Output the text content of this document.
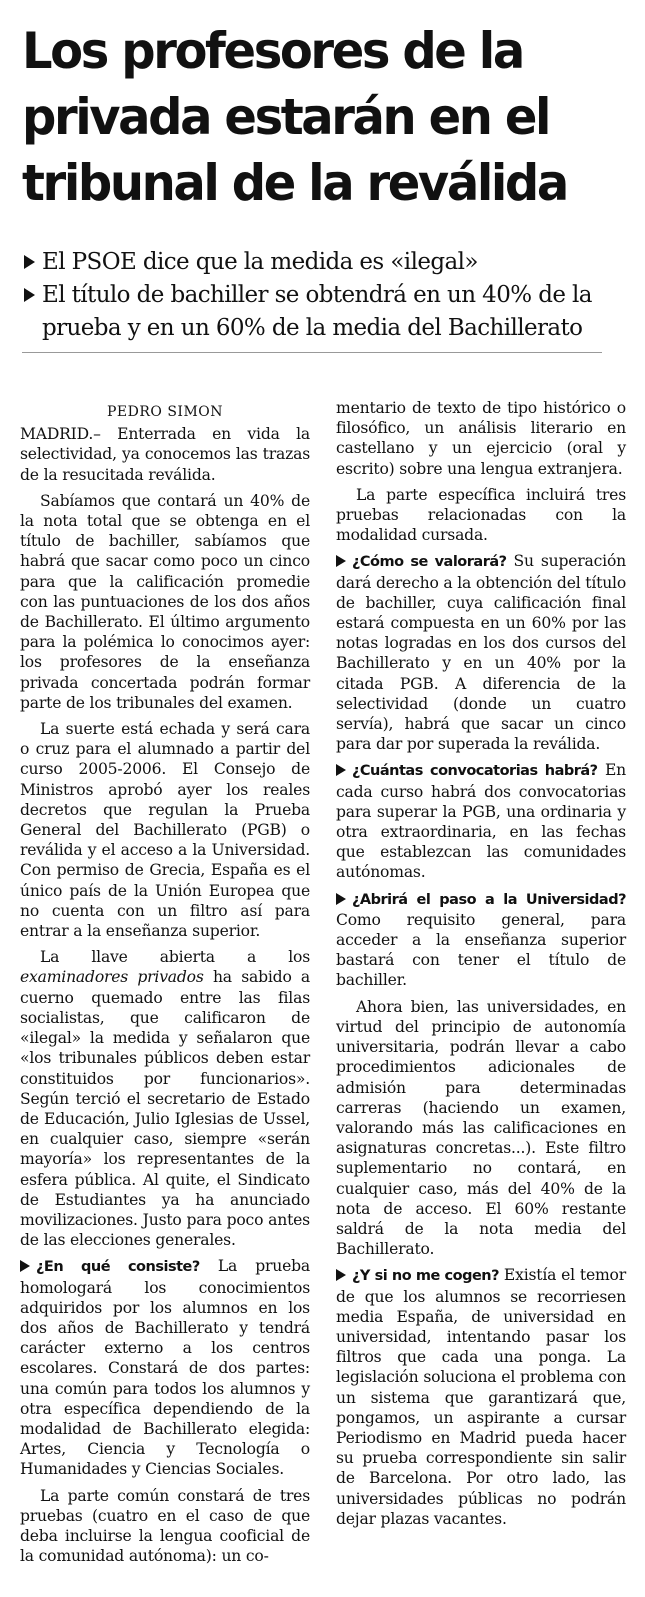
Los profesores de la
privada estarán en el
tribunal de la reválida
El PSOE dice que la medida es «ilegal»
El título de bachiller se obtendrá en un 40% de la prueba y en un 60% de la media del Bachillerato
PEDRO SIMON

MADRID.– Enterrada en vida la selectividad, ya conocemos las trazas de la resucitada reválida.

Sabíamos que contará un 40% de la nota total que se obtenga en el título de bachiller, sabíamos que habrá que sacar como poco un cinco para que la calificación promedie con las puntuaciones de los dos años de Bachillerato. El último argumento para la polémica lo conocimos ayer: los profesores de la enseñanza privada concertada podrán formar parte de los tribunales del examen.

La suerte está echada y será cara o cruz para el alumnado a partir del curso 2005-2006. El Consejo de Ministros aprobó ayer los reales decretos que regulan la Prueba General del Bachillerato (PGB) o reválida y el acceso a la Universidad. Con permiso de Grecia, España es el único país de la Unión Europea que no cuenta con un filtro así para entrar a la enseñanza superior.

La llave abierta a los examinadores privados ha sabido a cuerno quemado entre las filas socialistas, que calificaron de «ilegal» la medida y señalaron que «los tribunales públicos deben estar constituidos por funcionarios». Según terció el secretario de Estado de Educación, Julio Iglesias de Ussel, en cualquier caso, siempre «serán mayoría» los representantes de la esfera pública. Al quite, el Sindicato de Estudiantes ya ha anunciado movilizaciones. Justo para poco antes de las elecciones generales.

¿En qué consiste? La prueba homologará los conocimientos adquiridos por los alumnos en los dos años de Bachillerato y tendrá carácter externo a los centros escolares. Constará de dos partes: una común para todos los alumnos y otra específica dependiendo de la modalidad de Bachillerato elegida: Artes, Ciencia y Tecnología o Humanidades y Ciencias Sociales.

La parte común constará de tres pruebas (cuatro en el caso de que deba incluirse la lengua cooficial de la comunidad autónoma): un co-

mentario de texto de tipo histórico o filosófico, un análisis literario en castellano y un ejercicio (oral y escrito) sobre una lengua extranjera.

La parte específica incluirá tres pruebas relacionadas con la modalidad cursada.

¿Cómo se valorará? Su superación dará derecho a la obtención del título de bachiller, cuya calificación final estará compuesta en un 60% por las notas logradas en los dos cursos del Bachillerato y en un 40% por la citada PGB. A diferencia de la selectividad (donde un cuatro servía), habrá que sacar un cinco para dar por superada la reválida.

¿Cuántas convocatorias habrá? En cada curso habrá dos convocatorias para superar la PGB, una ordinaria y otra extraordinaria, en las fechas que establezcan las comunidades autónomas.

¿Abrirá el paso a la Universidad? Como requisito general, para acceder a la enseñanza superior bastará con tener el título de bachiller.

Ahora bien, las universidades, en virtud del principio de autonomía universitaria, podrán llevar a cabo procedimientos adicionales de admisión para determinadas carreras (haciendo un examen, valorando más las calificaciones en asignaturas concretas...). Este filtro suplementario no contará, en cualquier caso, más del 40% de la nota de acceso. El 60% restante saldrá de la nota media del Bachillerato.

¿Y si no me cogen? Existía el temor de que los alumnos se recorriesen media España, de universidad en universidad, intentando pasar los filtros que cada una ponga. La legislación soluciona el problema con un sistema que garantizará que, pongamos, un aspirante a cursar Periodismo en Madrid pueda hacer su prueba correspondiente sin salir de Barcelona. Por otro lado, las universidades públicas no podrán dejar plazas vacantes.
